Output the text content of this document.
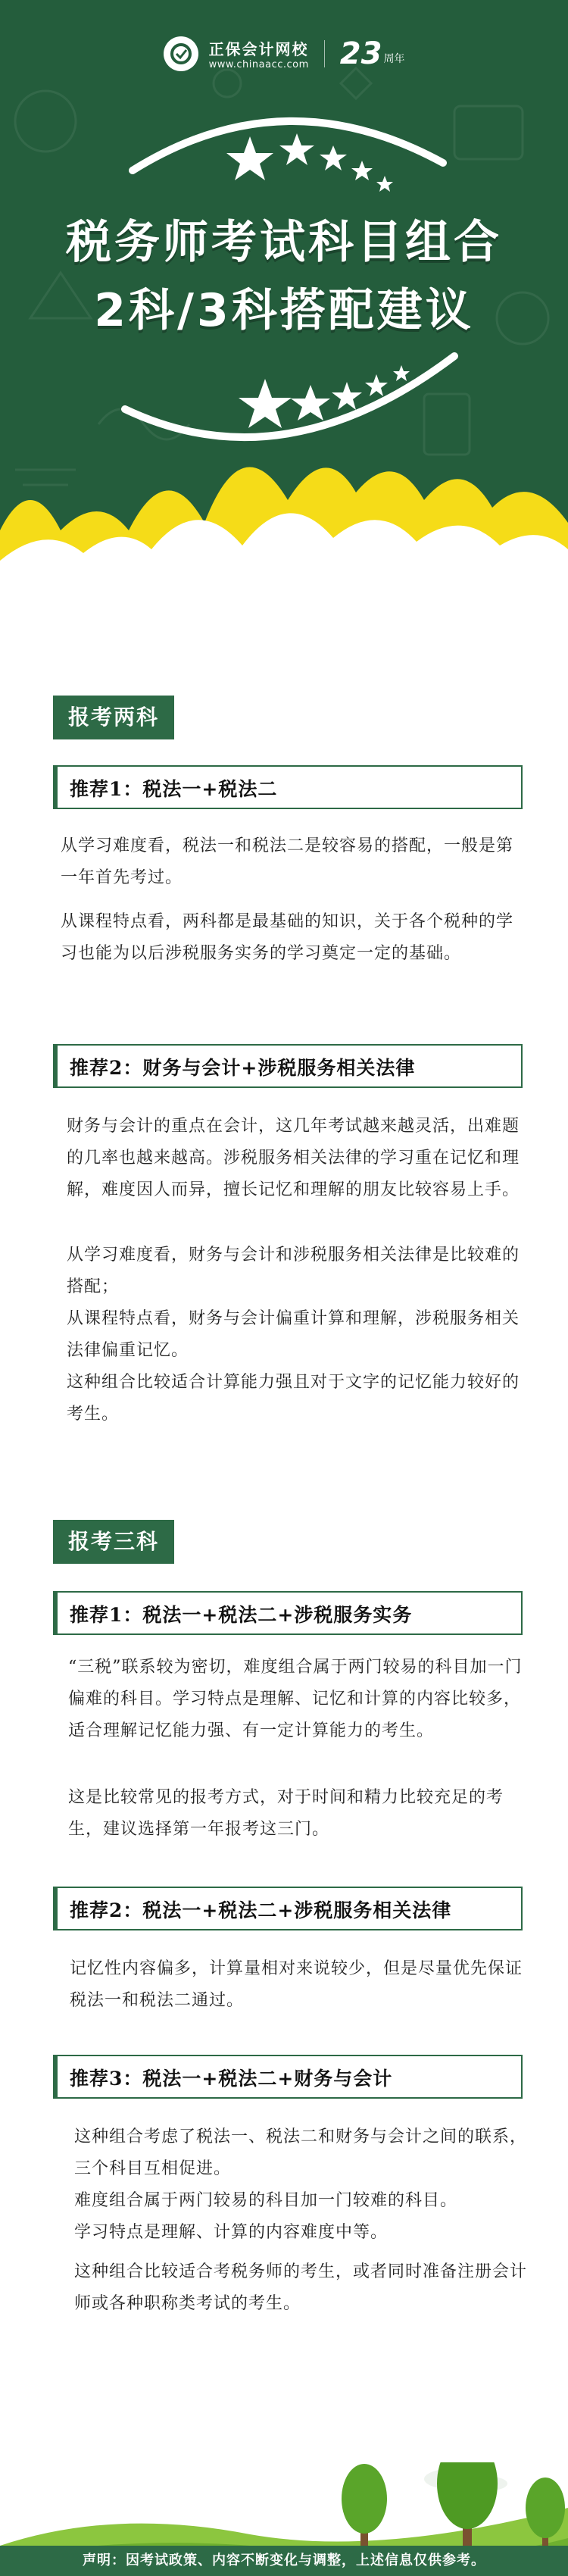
正保会计网校
www.chinaacc.com 23 周年
税务师考试科目组合
2科/3科搭配建议
报考两科
推荐1：税法一+税法二

从学习难度看，税法一和税法二是较容易的搭配，一般是第一年首先考过。

从课程特点看，两科都是最基础的知识，关于各个税种的学习也能为以后涉税服务实务的学习奠定一定的基础。

推荐2：财务与会计+涉税服务相关法律

财务与会计的重点在会计，这几年考试越来越灵活，出难题的几率也越来越高。涉税服务相关法律的学习重在记忆和理解，难度因人而异，擅长记忆和理解的朋友比较容易上手。

从学习难度看，财务与会计和涉税服务相关法律是比较难的搭配；

从课程特点看，财务与会计偏重计算和理解，涉税服务相关法律偏重记忆。

这种组合比较适合计算能力强且对于文字的记忆能力较好的考生。

报考三科
推荐1：税法一+税法二+涉税服务实务

“三税”联系较为密切，难度组合属于两门较易的科目加一门偏难的科目。学习特点是理解、记忆和计算的内容比较多，适合理解记忆能力强、有一定计算能力的考生。

这是比较常见的报考方式，对于时间和精力比较充足的考生，建议选择第一年报考这三门。

推荐2：税法一+税法二+涉税服务相关法律

记忆性内容偏多，计算量相对来说较少，但是尽量优先保证税法一和税法二通过。

推荐3：税法一+税法二+财务与会计

这种组合考虑了税法一、税法二和财务与会计之间的联系，三个科目互相促进。

难度组合属于两门较易的科目加一门较难的科目。

学习特点是理解、计算的内容难度中等。

这种组合比较适合考税务师的考生，或者同时准备注册会计师或各种职称类考试的考生。

声明：因考试政策、内容不断变化与调整，上述信息仅供参考。
